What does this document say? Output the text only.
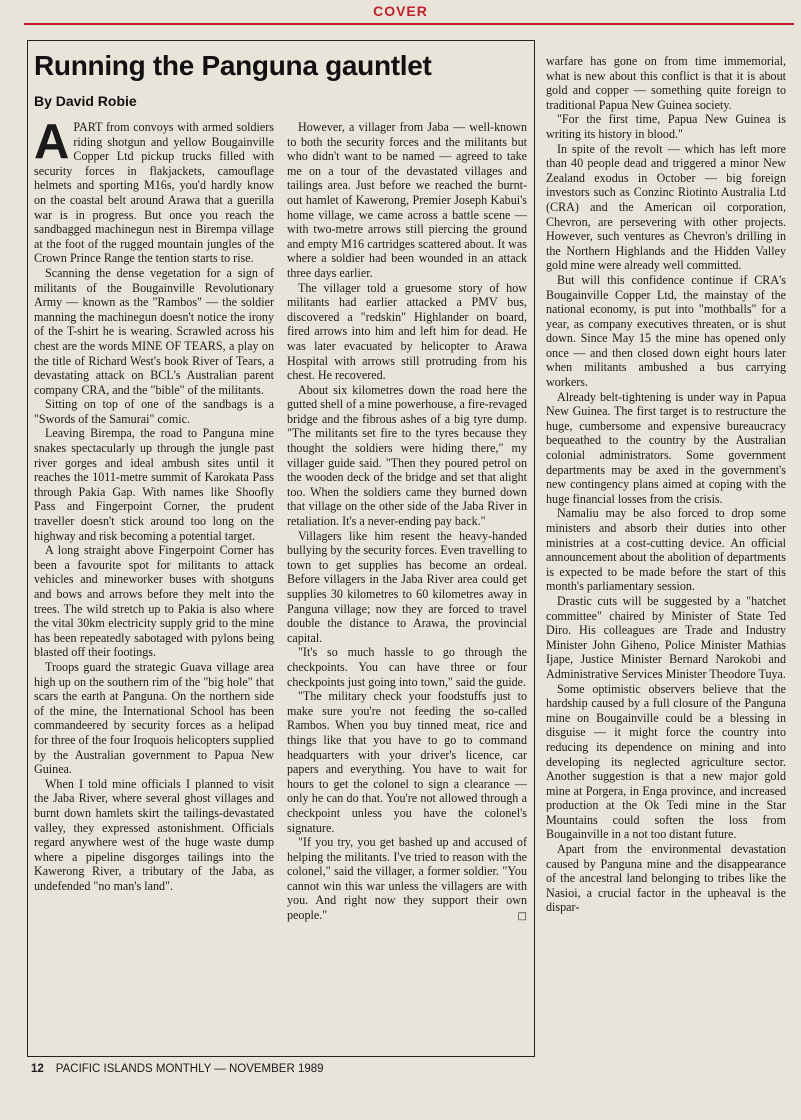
COVER
Running the Panguna gauntlet
By David Robie

APART from convoys with armed soldiers riding shotgun and yellow Bougainville Copper Ltd pickup trucks filled with security forces in flakjackets, camouflage helmets and sporting M16s, you'd hardly know on the coastal belt around Arawa that a guerilla war is in progress. But once you reach the sandbagged machinegun nest in Birempa village at the foot of the rugged mountain jungles of the Crown Prince Range the tention starts to rise.

Scanning the dense vegetation for a sign of militants of the Bougainville Revolutionary Army — known as the "Rambos" — the soldier manning the machinegun doesn't notice the irony of the T-shirt he is wearing. Scrawled across his chest are the words MINE OF TEARS, a play on the title of Richard West's book River of Tears, a devastating attack on BCL's Australian parent company CRA, and the "bible" of the militants.

Sitting on top of one of the sandbags is a "Swords of the Samurai" comic.

Leaving Birempa, the road to Panguna mine snakes spectacularly up through the jungle past river gorges and ideal ambush sites until it reaches the 1011-metre summit of Karokata Pass through Pakia Gap. With names like Shoofly Pass and Fingerpoint Corner, the prudent traveller doesn't stick around too long on the highway and risk becoming a potential target.

A long straight above Fingerpoint Corner has been a favourite spot for militants to attack vehicles and mineworker buses with shotguns and bows and arrows before they melt into the trees. The wild stretch up to Pakia is also where the vital 30km electricity supply grid to the mine has been repeatedly sabotaged with pylons being blasted off their footings.

Troops guard the strategic Guava village area high up on the southern rim of the "big hole" that scars the earth at Panguna. On the northern side of the mine, the International School has been commandeered by security forces as a helipad for three of the four Iroquois helicopters supplied by the Australian government to Papua New Guinea.

When I told mine officials I planned to visit the Jaba River, where several ghost villages and burnt down hamlets skirt the tailings-devastated valley, they expressed astonishment. Officials regard anywhere west of the huge waste dump where a pipeline disgorges tailings into the Kawerong River, a tributary of the Jaba, as undefended "no man's land".

However, a villager from Jaba — well-known to both the security forces and the militants but who didn't want to be named — agreed to take me on a tour of the devastated villages and tailings area. Just before we reached the burnt-out hamlet of Kawerong, Premier Joseph Kabui's home village, we came across a battle scene — with two-metre arrows still piercing the ground and empty M16 cartridges scattered about. It was where a soldier had been wounded in an attack three days earlier.

The villager told a gruesome story of how militants had earlier attacked a PMV bus, discovered a "redskin" Highlander on board, fired arrows into him and left him for dead. He was later evacuated by helicopter to Arawa Hospital with arrows still protruding from his chest. He recovered.

About six kilometres down the road here the gutted shell of a mine powerhouse, a fire-revaged bridge and the fibrous ashes of a big tyre dump. "The militants set fire to the tyres because they thought the soldiers were hiding there," my villager guide said. "Then they poured petrol on the wooden deck of the bridge and set that alight too. When the soldiers came they burned down that village on the other side of the Jaba River in retaliation. It's a never-ending pay back."

Villagers like him resent the heavy-handed bullying by the security forces. Even travelling to town to get supplies has become an ordeal. Before villagers in the Jaba River area could get supplies 30 kilometres to 60 kilometres away in Panguna village; now they are forced to travel double the distance to Arawa, the provincial capital.

"It's so much hassle to go through the checkpoints. You can have three or four checkpoints just going into town," said the guide.

"The military check your foodstuffs just to make sure you're not feeding the so-called Rambos. When you buy tinned meat, rice and things like that you have to go to command headquarters with your driver's licence, car papers and everything. You have to wait for hours to get the colonel to sign a clearance — only he can do that. You're not allowed through a checkpoint unless you have the colonel's signature.

"If you try, you get bashed up and accused of helping the militants. I've tried to reason with the colonel," said the villager, a former soldier. "You cannot win this war unless the villagers are with you. And right now they support their own people."	□

warfare has gone on from time immemorial, what is new about this conflict is that it is about gold and copper — something quite foreign to traditional Papua New Guinea society.

"For the first time, Papua New Guinea is writing its history in blood."

In spite of the revolt — which has left more than 40 people dead and triggered a minor New Zealand exodus in October — big foreign investors such as Conzinc Riotinto Australia Ltd (CRA) and the American oil corporation, Chevron, are persevering with other projects. However, such ventures as Chevron's drilling in the Northern Highlands and the Hidden Valley gold mine were already well committed.

But will this confidence continue if CRA's Bougainville Copper Ltd, the mainstay of the national economy, is put into "mothballs" for a year, as company executives threaten, or is shut down. Since May 15 the mine has opened only once — and then closed down eight hours later when militants ambushed a bus carrying workers.

Already belt-tightening is under way in Papua New Guinea. The first target is to restructure the huge, cumbersome and expensive bureaucracy bequeathed to the country by the Australian colonial administrators. Some government departments may be axed in the government's new contingency plans aimed at coping with the huge financial losses from the crisis.

Namaliu may be also forced to drop some ministers and absorb their duties into other ministries at a cost-cutting device. An official announcement about the abolition of departments is expected to be made before the start of this month's parliamentary session.

Drastic cuts will be suggested by a "hatchet committee" chaired by Minister of State Ted Diro. His colleagues are Trade and Industry Minister John Giheno, Police Minister Mathias Ijape, Justice Minister Bernard Narokobi and Administrative Services Minister Theodore Tuya.

Some optimistic observers believe that the hardship caused by a full closure of the Panguna mine on Bougainville could be a blessing in disguise — it might force the country into reducing its dependence on mining and into developing its neglected agriculture sector. Another suggestion is that a new major gold mine at Porgera, in Enga province, and increased production at the Ok Tedi mine in the Star Mountains could soften the loss from Bougainville in a not too distant future.

Apart from the environmental devastation caused by Panguna mine and the disappearance of the ancestral land belonging to tribes like the Nasioi, a crucial factor in the upheaval is the dispar-

12 PACIFIC ISLANDS MONTHLY — NOVEMBER 1989
